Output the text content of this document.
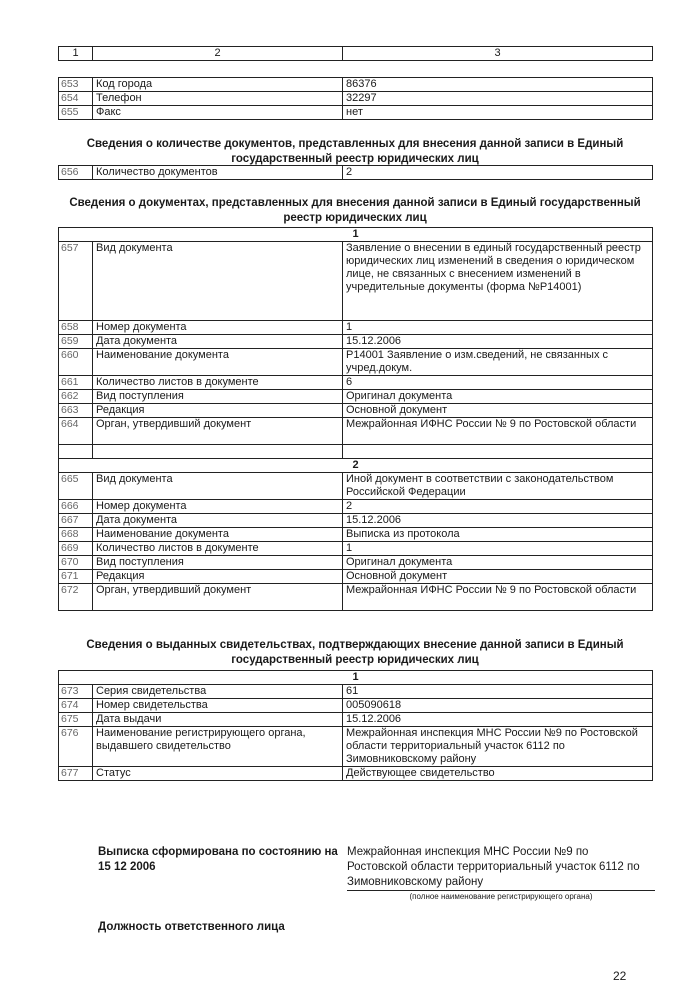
1	2	3
653	Код города	86376
654	Телефон	32297
655	Факс	нет
Сведения о количестве документов, представленных для внесения данной записи в Единый
государственный реестр юридических лиц
656	Количество документов	2
Сведения о документах, представленных для внесения данной записи в Единый государственный
реестр юридических лиц
1		
657	Вид документа	Заявление о внесении в единый государственный реестр юридических лиц изменений в сведения о юридическом лице, не связанных с внесением изменений в учредительные документы (форма №Р14001)
658	Номер документа	1
659	Дата документа	15.12.2006
660	Наименование документа	Р14001 Заявление о изм.сведений, не связанных с учред.докум.
661	Количество листов в документе	6
662	Вид поступления	Оригинал документа
663	Редакция	Основной документ
664	Орган, утвердивший документ	Межрайонная ИФНС России № 9 по Ростовской области

2		
665	Вид документа	Иной документ в соответствии с законодательством Российской Федерации
666	Номер документа	2
667	Дата документа	15.12.2006
668	Наименование документа	Выписка из протокола
669	Количество листов в документе	1
670	Вид поступления	Оригинал документа
671	Редакция	Основной документ
672	Орган, утвердивший документ	Межрайонная ИФНС России № 9 по Ростовской области
Сведения о выданных свидетельствах, подтверждающих внесение данной записи в Единый
государственный реестр юридических лиц
1		
673	Серия свидетельства	61
674	Номер свидетельства	005090618
675	Дата выдачи	15.12.2006
676	Наименование регистрирующего органа, выдавшего свидетельство	Межрайонная инспекция МНС России №9 по Ростовской области территориальный участок 6112 по Зимовниковскому району
677	Статус	Действующее свидетельство
Выписка сформирована по состоянию на
15 12 2006
Межрайонная инспекция МНС России №9 по
Ростовской области территориальный участок 6112 по
Зимовниковскому району
(полное наименование регистрирующего органа)
Должность ответственного лица
22
